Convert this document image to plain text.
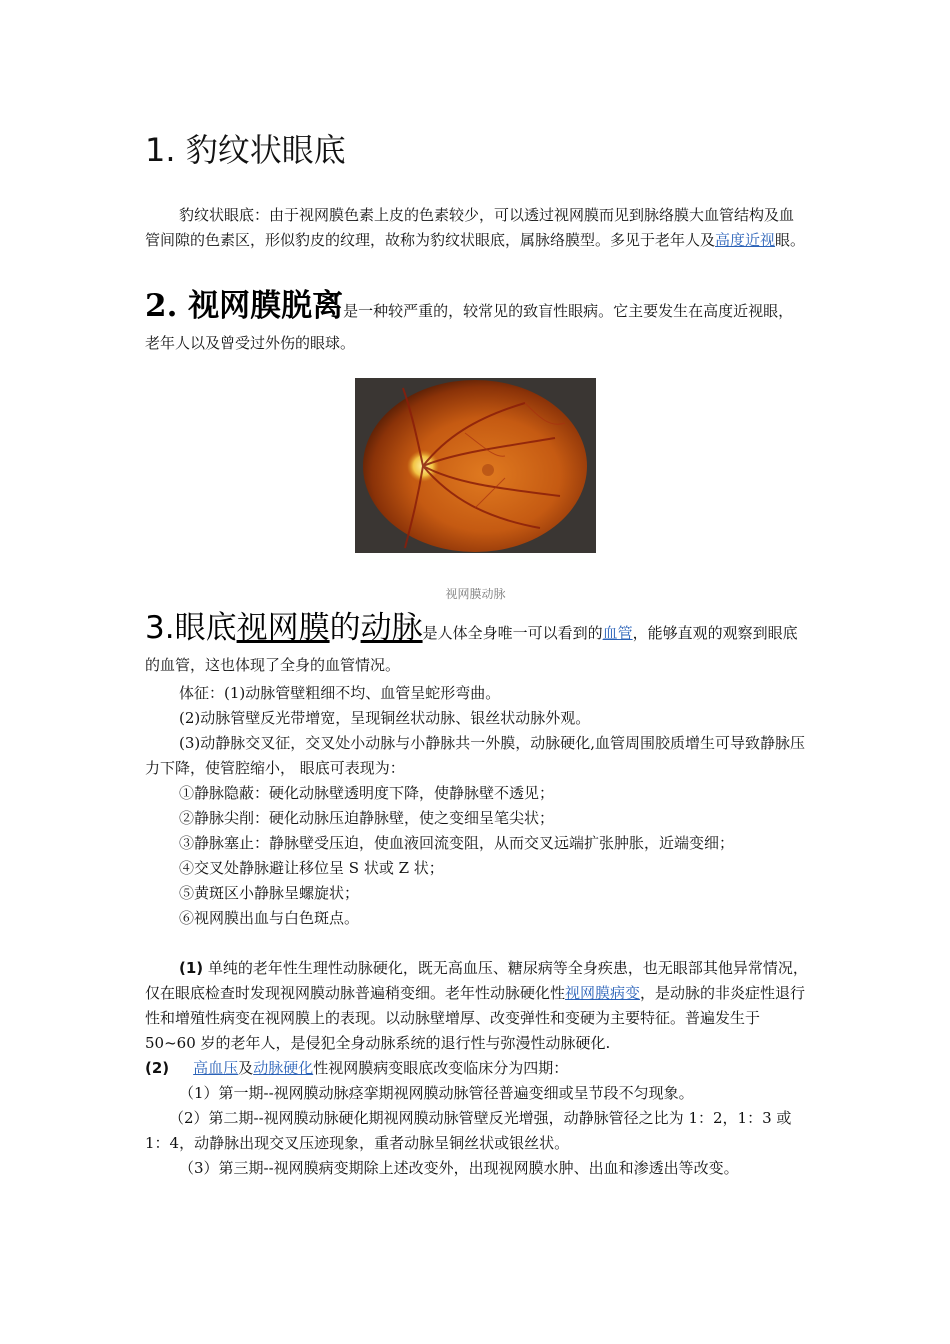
1. 豹纹状眼底

豹纹状眼底：由于视网膜色素上皮的色素较少，可以透过视网膜而见到脉络膜大血管结构及血管间隙的色素区，形似豹皮的纹理，故称为豹纹状眼底，属脉络膜型。多见于老年人及高度近视眼。

2. 视网膜脱离是一种较严重的，较常见的致盲性眼病。它主要发生在高度近视眼，老年人以及曾受过外伤的眼球。

视网膜动脉

3.眼底视网膜的动脉是人体全身唯一可以看到的血管，能够直观的观察到眼底的血管，这也体现了全身的血管情况。

体征：(1)动脉管壁粗细不均、血管呈蛇形弯曲。

(2)动脉管壁反光带增宽，呈现铜丝状动脉、银丝状动脉外观。

(3)动静脉交叉征，交叉处小动脉与小静脉共一外膜，动脉硬化,血管周围胶质增生可导致静脉压力下降，使管腔缩小， 眼底可表现为：

①静脉隐蔽：硬化动脉壁透明度下降，使静脉壁不透见；
②静脉尖削：硬化动脉压迫静脉壁，使之变细呈笔尖状；
③静脉塞止：静脉壁受压迫，使血液回流变阻，从而交叉远端扩张肿胀，近端变细；
④交叉处静脉避让移位呈 S 状或 Z 状；
⑤黄斑区小静脉呈螺旋状；
⑥视网膜出血与白色斑点。

(1) 单纯的老年性生理性动脉硬化，既无高血压、糖尿病等全身疾患，也无眼部其他异常情况，仅在眼底检查时发现视网膜动脉普遍稍变细。老年性动脉硬化性视网膜病变，是动脉的非炎症性退行性和增殖性病变在视网膜上的表现。以动脉壁增厚、改变弹性和变硬为主要特征。普遍发生于 50~60 岁的老年人，是侵犯全身动脉系统的退行性与弥漫性动脉硬化.

(2) 高血压及动脉硬化性视网膜病变眼底改变临床分为四期：

（1）第一期--视网膜动脉痉挛期视网膜动脉管径普遍变细或呈节段不匀现象。

（2）第二期--视网膜动脉硬化期视网膜动脉管壁反光增强，动静脉管径之比为 1：2，1：3 或 1：4，动静脉出现交叉压迹现象，重者动脉呈铜丝状或银丝状。

（3）第三期--视网膜病变期除上述改变外，出现视网膜水肿、出血和渗透出等改变。
